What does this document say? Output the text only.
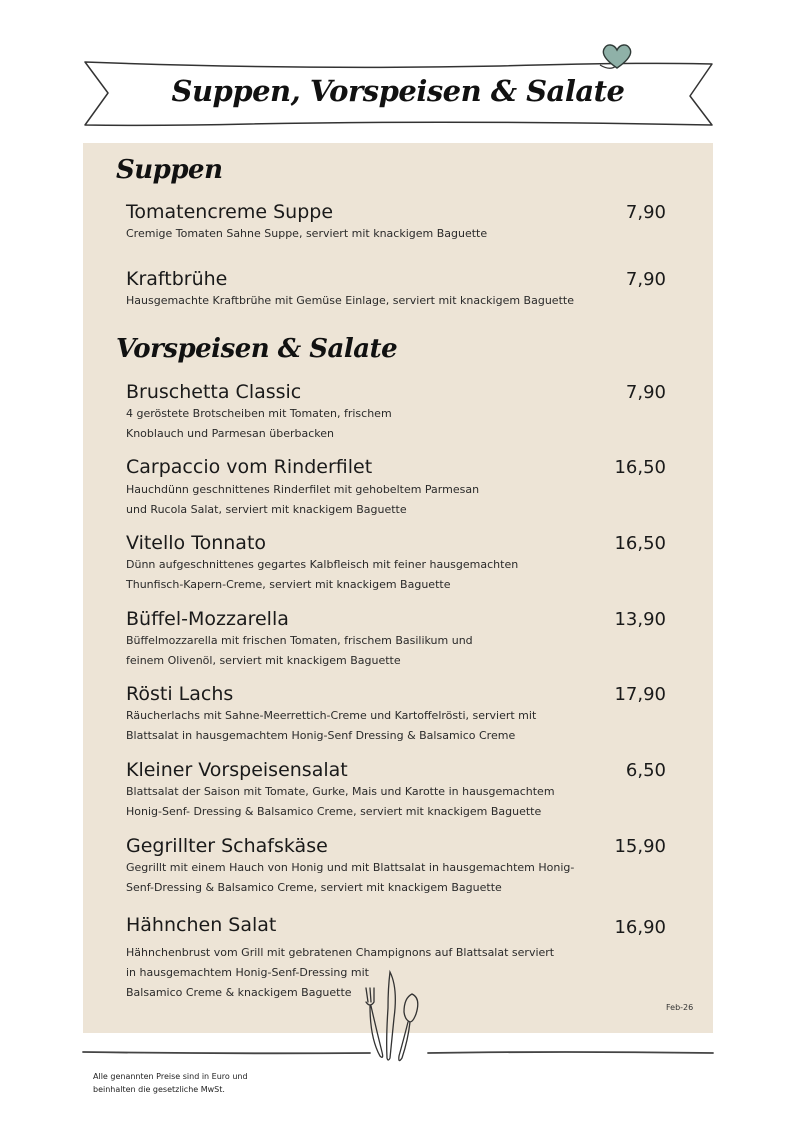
Suppen, Vorspeisen & Salate
Suppen
Tomatencreme Suppe	7,90
Cremige Tomaten Sahne Suppe, serviert mit knackigem Baguette
Kraftbrühe	7,90
Hausgemachte Kraftbrühe mit Gemüse Einlage, serviert mit knackigem Baguette
Vorspeisen & Salate
Bruschetta Classic	7,90
4 geröstete Brotscheiben mit Tomaten, frischem
Knoblauch und Parmesan überbacken
Carpaccio vom Rinderfilet	16,50
Hauchdünn geschnittenes Rinderfilet mit gehobeltem Parmesan
und Rucola Salat, serviert mit knackigem Baguette
Vitello Tonnato	16,50
Dünn aufgeschnittenes gegartes Kalbfleisch mit feiner hausgemachten
Thunfisch-Kapern-Creme, serviert mit knackigem Baguette
Büffel-Mozzarella	13,90
Büffelmozzarella mit frischen Tomaten, frischem Basilikum und
feinem Olivenöl, serviert mit knackigem Baguette
Rösti Lachs	17,90
Räucherlachs mit Sahne-Meerrettich-Creme und Kartoffelrösti, serviert mit
Blattsalat in hausgemachtem Honig-Senf Dressing & Balsamico Creme
Kleiner Vorspeisensalat	6,50
Blattsalat der Saison mit Tomate, Gurke, Mais und Karotte in hausgemachtem
Honig-Senf- Dressing & Balsamico Creme, serviert mit knackigem Baguette
Gegrillter Schafskäse	15,90
Gegrillt mit einem Hauch von Honig und mit Blattsalat in hausgemachtem Honig-
Senf-Dressing & Balsamico Creme, serviert mit knackigem Baguette
Hähnchen Salat	16,90
Hähnchenbrust vom Grill mit gebratenen Champignons auf Blattsalat serviert
in hausgemachtem Honig-Senf-Dressing mit
Balsamico Creme & knackigem Baguette
Feb-26
Alle genannten Preise sind in Euro und
beinhalten die gesetzliche MwSt.
